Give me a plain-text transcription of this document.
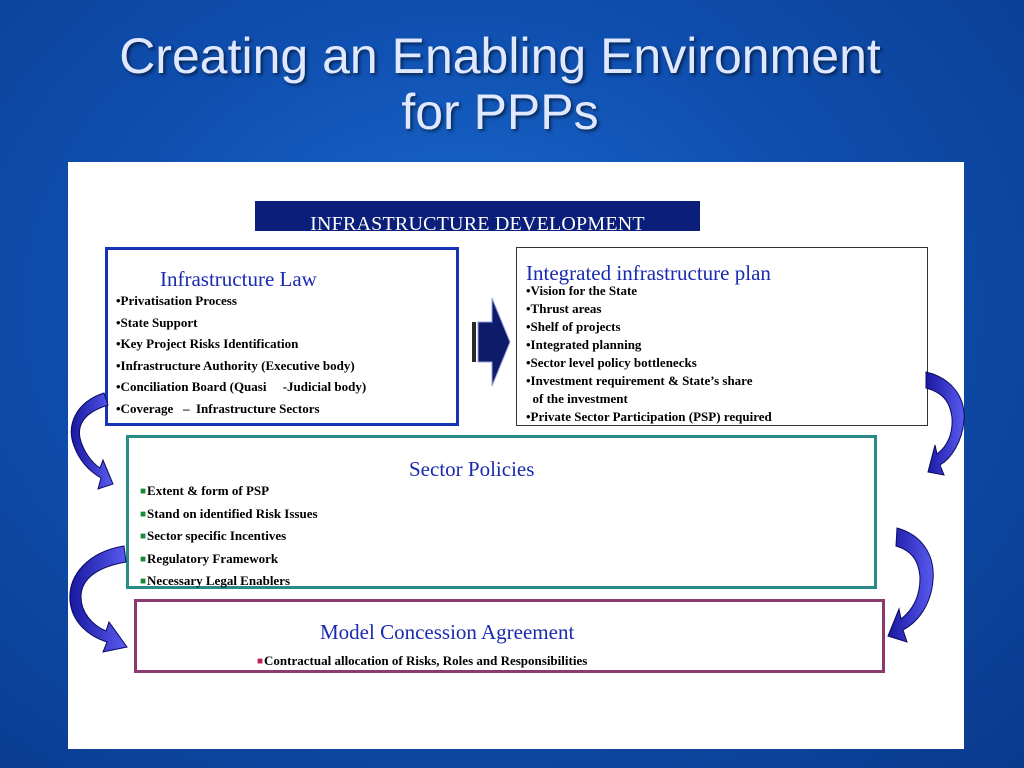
Creating an Enabling Environment
for PPPs
INFRASTRUCTURE DEVELOPMENT
Infrastructure Law
•Privatisation Process
•State Support
•Key Project Risks Identification
•Infrastructure Authority (Executive body)
•Conciliation Board (Quasi     -Judicial body)
•Coverage   –  Infrastructure Sectors
Integrated infrastructure plan
•Vision for the State
•Thrust areas
•Shelf of projects
•Integrated planning
•Sector level policy bottlenecks
•Investment requirement & State’s share
of the investment
•Private Sector Participation (PSP) required
Sector Policies
■Extent & form of PSP
■Stand on identified Risk Issues
■Sector specific Incentives
■Regulatory Framework
■Necessary Legal Enablers
Model Concession Agreement
■Contractual allocation of Risks, Roles and Responsibilities
